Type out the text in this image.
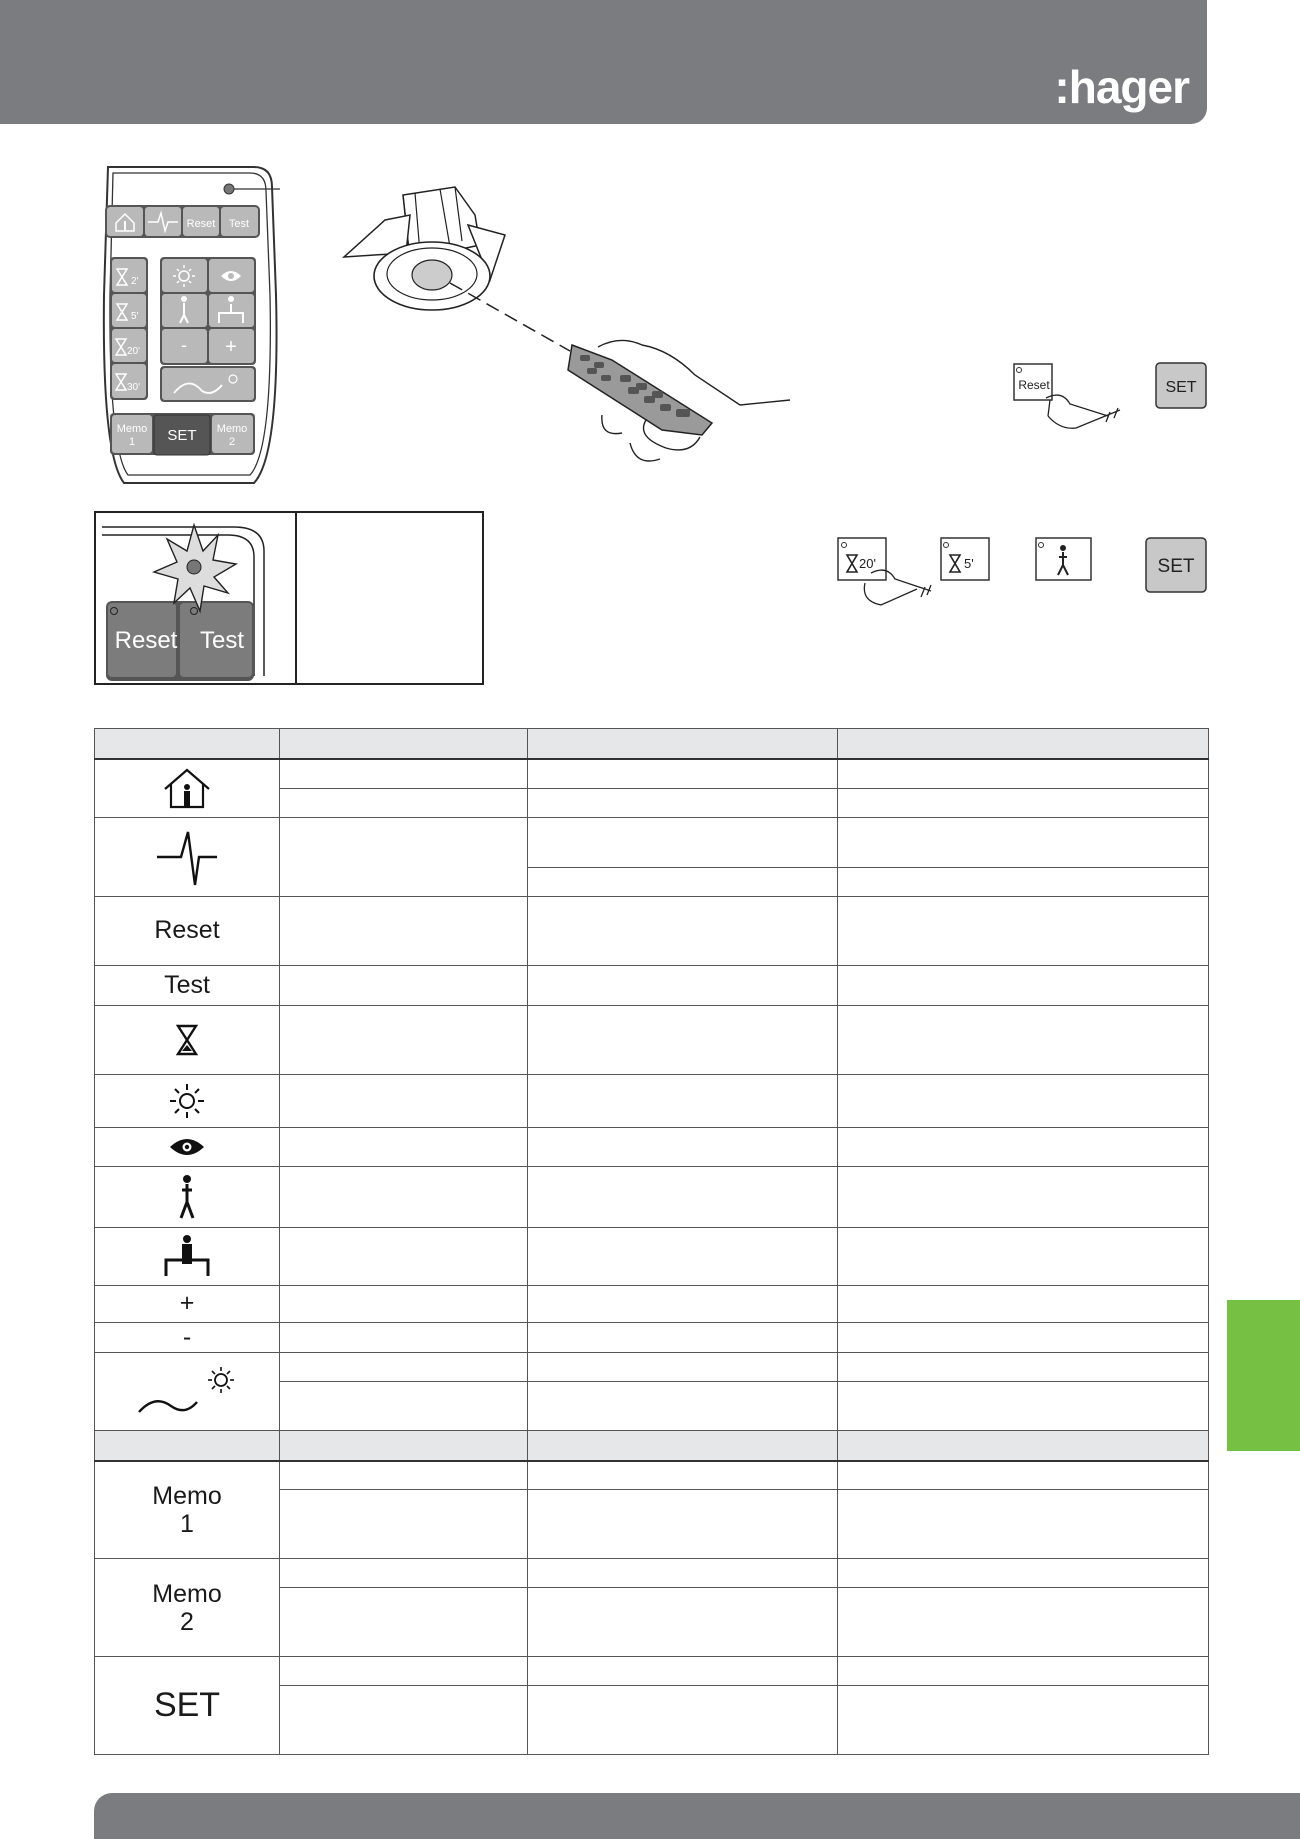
:hager
Reset Test
2'
5'
20'
30'
- +
Memo
1 SET Memo
2
Reset	SET
20'	5'	SET
Reset Test

Reset			
Test			

+			
-			

Memo
1			

Memo
2			

SET			
